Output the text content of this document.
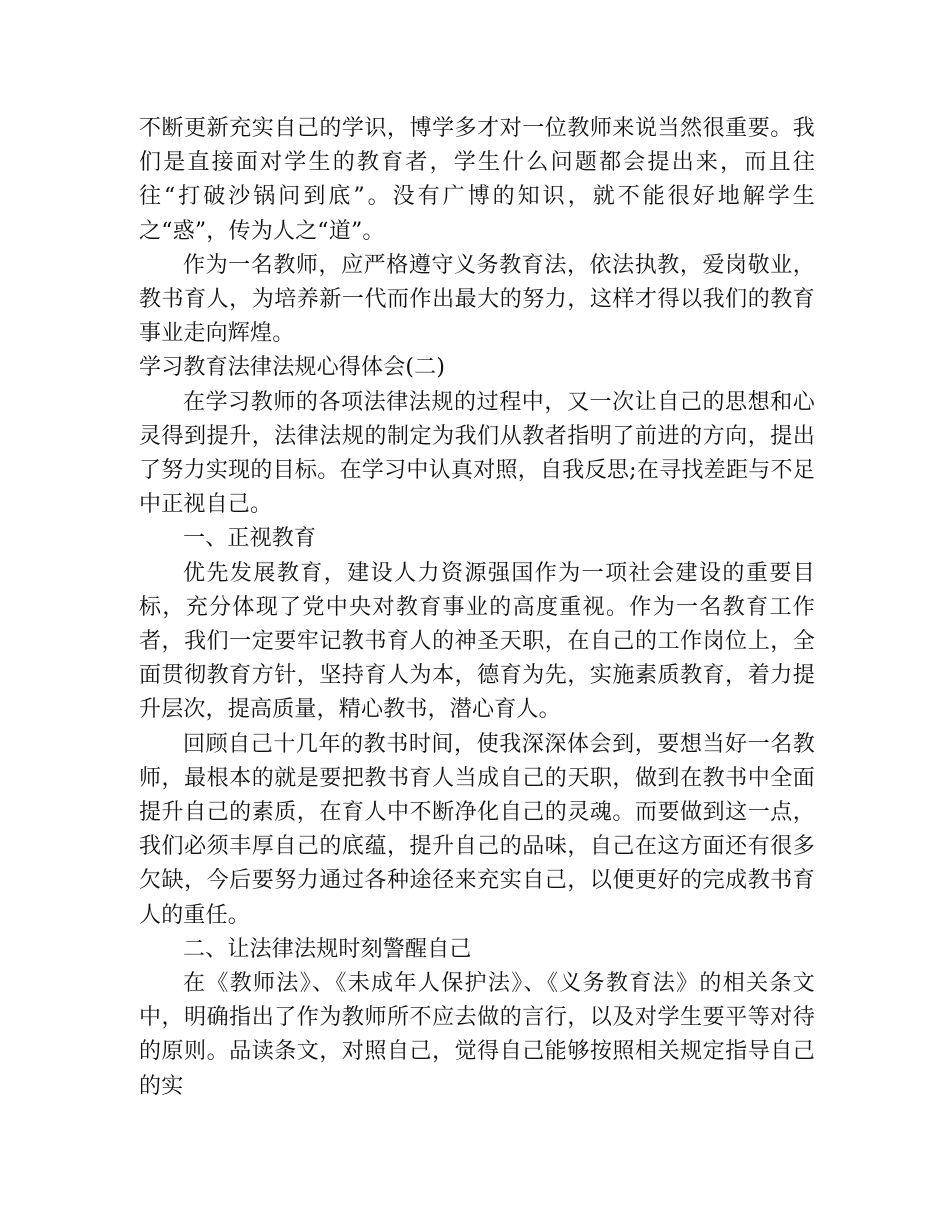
不断更新充实自己的学识，博学多才对一位教师来说当然很重要。我们是直接面对学生的教育者，学生什么问题都会提出来，而且往往“打破沙锅问到底”。没有广博的知识，就不能很好地解学生之“惑”，传为人之“道”。

作为一名教师，应严格遵守义务教育法，依法执教，爱岗敬业，教书育人，为培养新一代而作出最大的努力，这样才得以我们的教育事业走向辉煌。

学习教育法律法规心得体会(二)

在学习教师的各项法律法规的过程中，又一次让自己的思想和心灵得到提升，法律法规的制定为我们从教者指明了前进的方向，提出了努力实现的目标。在学习中认真对照，自我反思;在寻找差距与不足中正视自己。

一、正视教育

优先发展教育，建设人力资源强国作为一项社会建设的重要目标，充分体现了党中央对教育事业的高度重视。作为一名教育工作者，我们一定要牢记教书育人的神圣天职，在自己的工作岗位上，全面贯彻教育方针，坚持育人为本，德育为先，实施素质教育，着力提升层次，提高质量，精心教书，潜心育人。

回顾自己十几年的教书时间，使我深深体会到，要想当好一名教师，最根本的就是要把教书育人当成自己的天职，做到在教书中全面提升自己的素质，在育人中不断净化自己的灵魂。而要做到这一点，我们必须丰厚自己的底蕴，提升自己的品味，自己在这方面还有很多欠缺，今后要努力通过各种途径来充实自己，以便更好的完成教书育人的重任。

二、让法律法规时刻警醒自己

在《教师法》、《未成年人保护法》、《义务教育法》的相关条文中，明确指出了作为教师所不应去做的言行，以及对学生要平等对待的原则。品读条文，对照自己，觉得自己能够按照相关规定指导自己的实
